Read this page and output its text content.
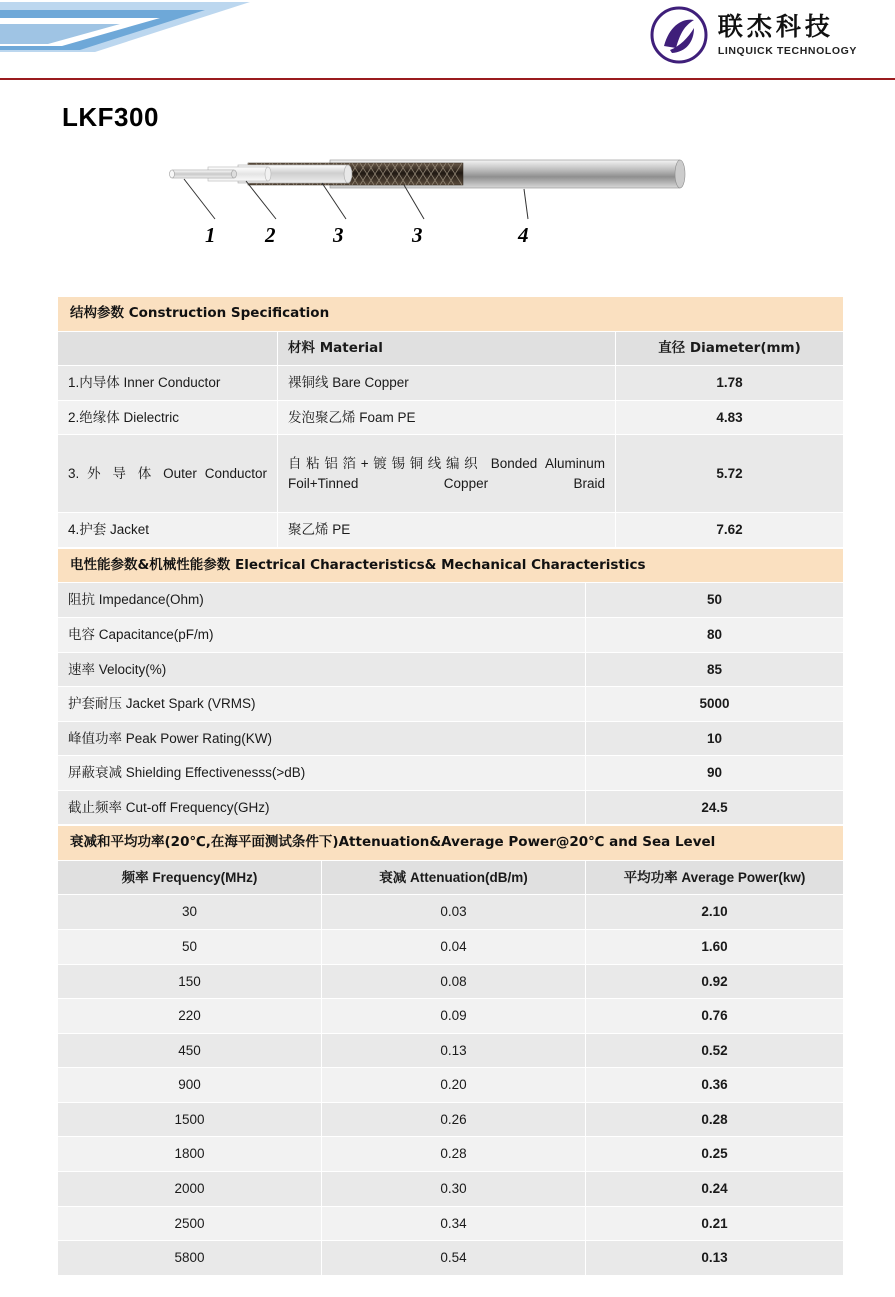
联杰科技
LINQUICK TECHNOLOGY
LKF300
1 2	3	3	4
结构参数 Construction Specification		
	材料 Material	直径 Diameter(mm)
1.内导体 Inner Conductor	裸铜线 Bare Copper	1.78
2.绝缘体 Dielectric	发泡聚乙烯 Foam PE	4.83
3. 外 导 体 Outer Conductor	自粘铝箔+镀锡铜线编织 Bonded Aluminum Foil+Tinned Copper Braid	5.72
4.护套 Jacket	聚乙烯 PE	7.62
电性能参数&机械性能参数 Electrical Characteristics& Mechanical Characteristics	
阻抗 Impedance(Ohm)	50
电容 Capacitance(pF/m)	80
速率 Velocity(%)	85
护套耐压 Jacket Spark (VRMS)	5000
峰值功率 Peak Power Rating(KW)	10
屏蔽衰减 Shielding Effectivenesss(>dB)	90
截止频率 Cut-off Frequency(GHz)	24.5
衰减和平均功率(20℃,在海平面测试条件下)Attenuation&Average Power@20℃ and Sea Level		
频率 Frequency(MHz)	衰减 Attenuation(dB/m)	平均功率 Average Power(kw)
30	0.03	2.10
50	0.04	1.60
150	0.08	0.92
220	0.09	0.76
450	0.13	0.52
900	0.20	0.36
1500	0.26	0.28
1800	0.28	0.25
2000	0.30	0.24
2500	0.34	0.21
5800	0.54	0.13
